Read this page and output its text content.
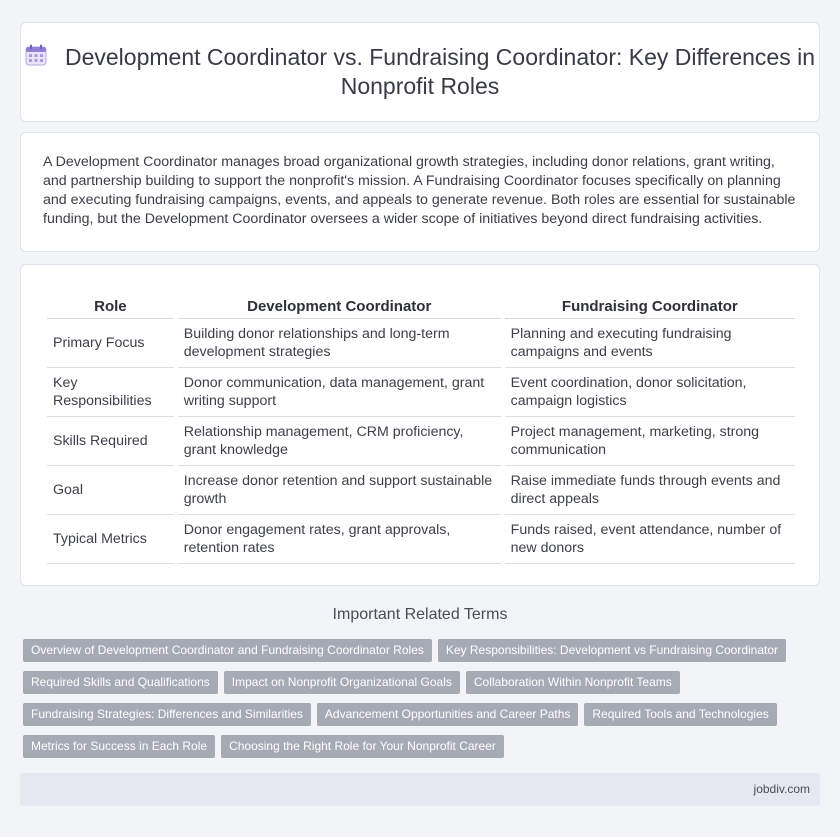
Development Coordinator vs. Fundraising Coordinator: Key Differences in Nonprofit Roles

A Development Coordinator manages broad organizational growth strategies, including donor relations, grant writing, and partnership building to support the nonprofit's mission. A Fundraising Coordinator focuses specifically on planning and executing fundraising campaigns, events, and appeals to generate revenue. Both roles are essential for sustainable funding, but the Development Coordinator oversees a wider scope of initiatives beyond direct fundraising activities.

Role	Development Coordinator	Fundraising Coordinator
Primary Focus	Building donor relationships and long-term development strategies	Planning and executing fundraising campaigns and events
Key Responsibilities	Donor communication, data management, grant writing support	Event coordination, donor solicitation, campaign logistics
Skills Required	Relationship management, CRM proficiency, grant knowledge	Project management, marketing, strong communication
Goal	Increase donor retention and support sustainable growth	Raise immediate funds through events and direct appeals
Typical Metrics	Donor engagement rates, grant approvals, retention rates	Funds raised, event attendance, number of new donors
Important Related Terms
Overview of Development Coordinator and Fundraising Coordinator Roles Key Responsibilities: Development vs Fundraising Coordinator
Required Skills and Qualifications Impact on Nonprofit Organizational Goals Collaboration Within Nonprofit Teams
Fundraising Strategies: Differences and Similarities Advancement Opportunities and Career Paths Required Tools and Technologies
Metrics for Success in Each Role Choosing the Right Role for Your Nonprofit Career
jobdiv.com
